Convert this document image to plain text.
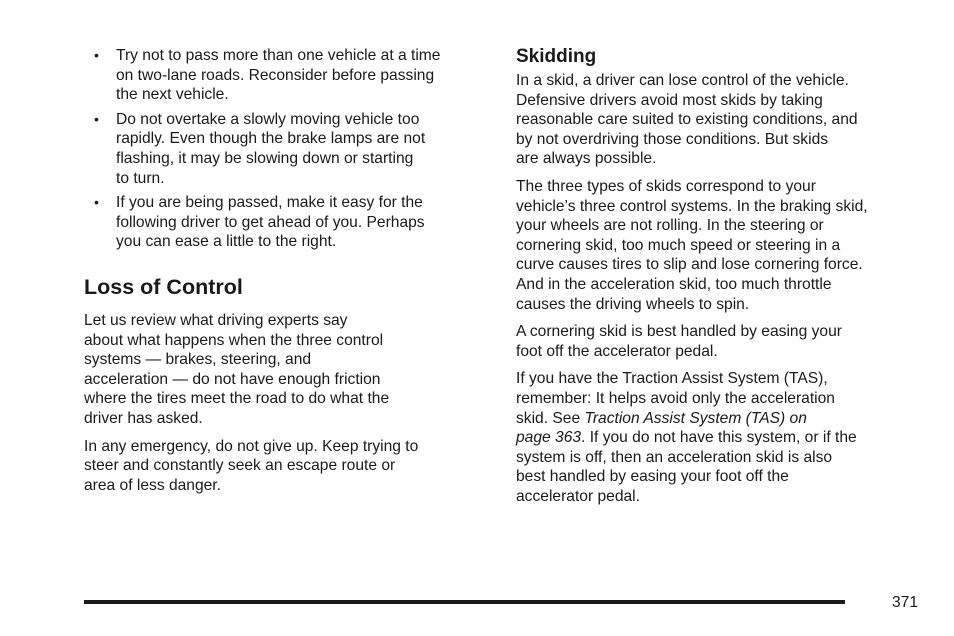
• Try not to pass more than one vehicle at a time
on two-lane roads. Reconsider before passing
the next vehicle.
• Do not overtake a slowly moving vehicle too
rapidly. Even though the brake lamps are not
flashing, it may be slowing down or starting
to turn.
• If you are being passed, make it easy for the
following driver to get ahead of you. Perhaps
you can ease a little to the right.
Loss of Control

Let us review what driving experts say
about what happens when the three control
systems — brakes, steering, and
acceleration — do not have enough friction
where the tires meet the road to do what the
driver has asked.

In any emergency, do not give up. Keep trying to
steer and constantly seek an escape route or
area of less danger.

Skidding

In a skid, a driver can lose control of the vehicle.
Defensive drivers avoid most skids by taking
reasonable care suited to existing conditions, and
by not overdriving those conditions. But skids
are always possible.

The three types of skids correspond to your
vehicle’s three control systems. In the braking skid,
your wheels are not rolling. In the steering or
cornering skid, too much speed or steering in a
curve causes tires to slip and lose cornering force.
And in the acceleration skid, too much throttle
causes the driving wheels to spin.

A cornering skid is best handled by easing your
foot off the accelerator pedal.

If you have the Traction Assist System (TAS),
remember: It helps avoid only the acceleration
skid. See Traction Assist System (TAS) on
page 363. If you do not have this system, or if the
system is off, then an acceleration skid is also
best handled by easing your foot off the
accelerator pedal.

371
